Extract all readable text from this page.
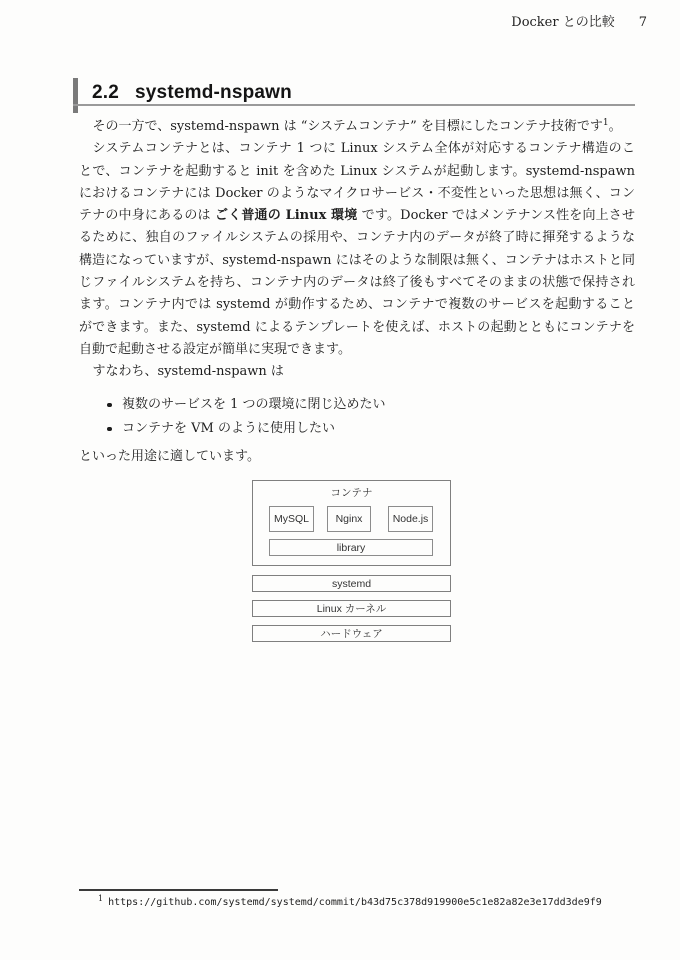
Docker との比較 7
2.2 systemd-nspawn
その一方で、systemd-nspawn は “システムコンテナ” を目標にしたコンテナ技術です$^1$。
システムコンテナとは、コンテナ 1 つに Linux システム全体が対応するコンテナ構造のこ
とで、コンテナを起動すると init を含めた Linux システムが起動します。systemd-nspawn
におけるコンテナには Docker のようなマイクロサービス・不変性といった思想は無く、コン
テナの中身にあるのは ごく普通の Linux 環境 です。Docker ではメンテナンス性を向上させ
るために、独自のファイルシステムの採用や、コンテナ内のデータが終了時に揮発するような
構造になっていますが、systemd-nspawn にはそのような制限は無く、コンテナはホストと同
じファイルシステムを持ち、コンテナ内のデータは終了後もすべてそのままの状態で保持され
ます。コンテナ内では systemd が動作するため、コンテナで複数のサービスを起動すること
ができます。また、systemd によるテンプレートを使えば、ホストの起動とともにコンテナを
自動で起動させる設定が簡単に実現できます。
すなわち、systemd-nspawn は
複数のサービスを 1 つの環境に閉じ込めたい
コンテナを VM のように使用したい
といった用途に適しています。
コンテナ
MySQL	Nginx	Node.js
library
systemd
Linux カーネル
ハードウェア
$^1$ https://github.com/systemd/systemd/commit/b43d75c378d919900e5c1e82a82e3e17dd3de9f9
